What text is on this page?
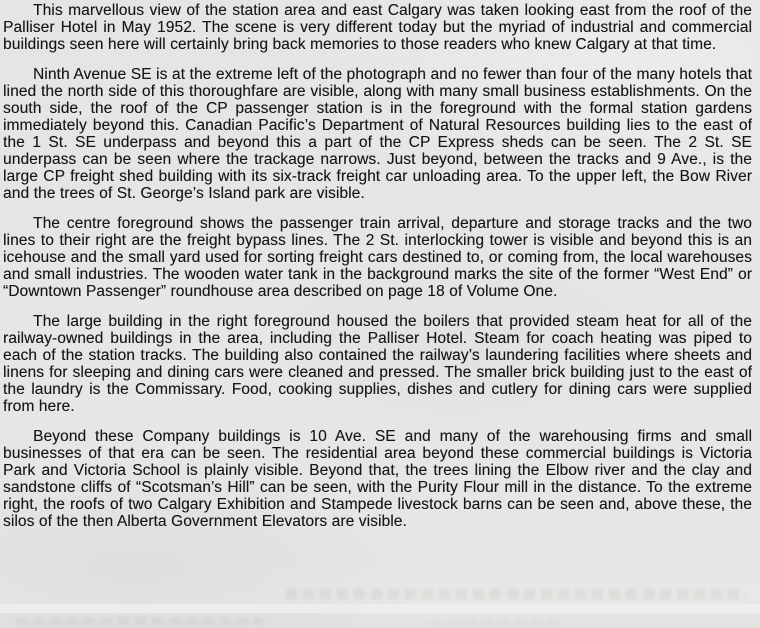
This marvellous view of the station area and east Calgary was taken looking east from the roof of the Palliser Hotel in May 1952. The scene is very different today but the myriad of industrial and commercial buildings seen here will certainly bring back memories to those readers who knew Calgary at that time.

Ninth Avenue SE is at the extreme left of the photograph and no fewer than four of the many hotels that lined the north side of this thoroughfare are visible, along with many small business establishments. On the south side, the roof of the CP passenger station is in the foreground with the formal station gardens immediately beyond this. Canadian Pacific’s Department of Natural Resources building lies to the east of the 1 St. SE underpass and beyond this a part of the CP Express sheds can be seen. The 2 St. SE underpass can be seen where the trackage narrows. Just beyond, between the tracks and 9 Ave., is the large CP freight shed building with its six-track freight car unloading area. To the upper left, the Bow River and the trees of St. George’s Island park are visible.

The centre foreground shows the passenger train arrival, departure and storage tracks and the two lines to their right are the freight bypass lines. The 2 St. interlocking tower is visible and beyond this is an icehouse and the small yard used for sorting freight cars destined to, or coming from, the local warehouses and small industries. The wooden water tank in the background marks the site of the former “West End” or “Downtown Passenger” roundhouse area described on page 18 of Volume One.

The large building in the right foreground housed the boilers that provided steam heat for all of the railway-owned buildings in the area, including the Palliser Hotel. Steam for coach heating was piped to each of the station tracks. The building also contained the railway’s laundering facilities where sheets and linens for sleeping and dining cars were cleaned and pressed. The smaller brick building just to the east of the laundry is the Commissary. Food, cooking supplies, dishes and cutlery for dining cars were supplied from here.

Beyond these Company buildings is 10 Ave. SE and many of the warehousing firms and small businesses of that era can be seen. The residential area beyond these commercial buildings is Victoria Park and Victoria School is plainly visible. Beyond that, the trees lining the Elbow river and the clay and sandstone cliffs of “Scotsman’s Hill” can be seen, with the Purity Flour mill in the distance. To the extreme right, the roofs of two Calgary Exhibition and Stampede livestock barns can be seen and, above these, the silos of the then Alberta Government Elevators are visible.
